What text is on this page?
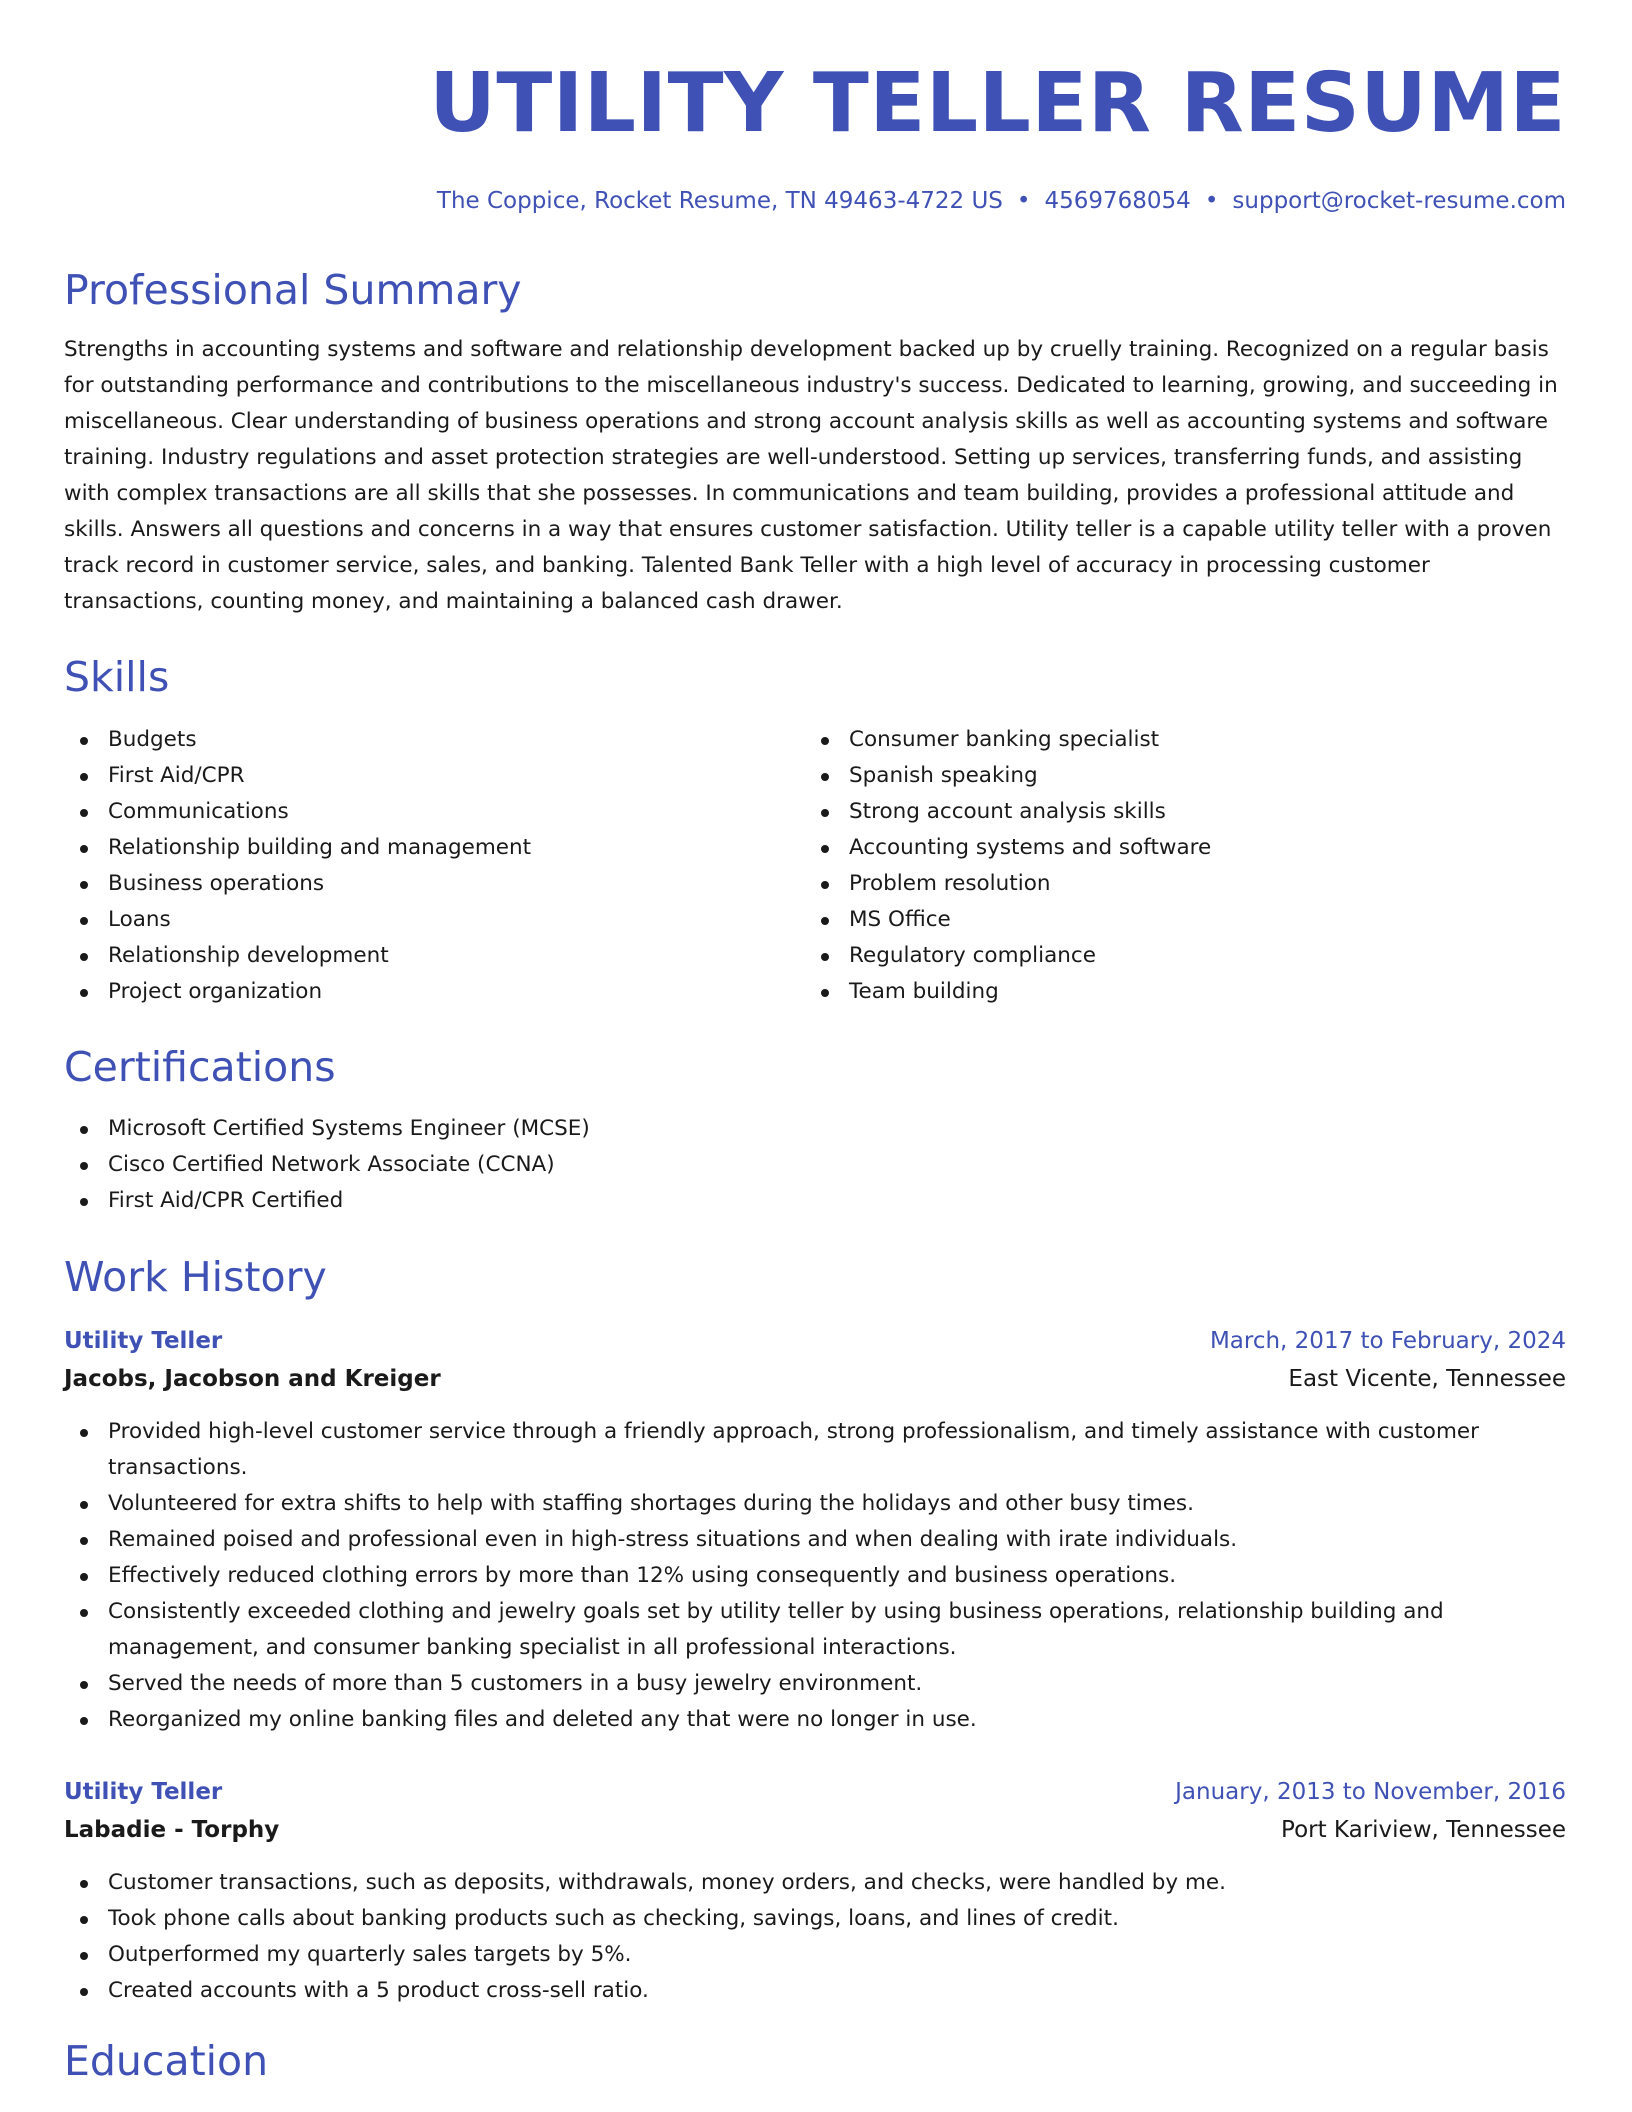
UTILITY TELLER RESUME
The Coppice, Rocket Resume, TN 49463-4722 US • 4569768054 • support@rocket-resume.com
Professional Summary

Strengths in accounting systems and software and relationship development backed up by cruelly training. Recognized on a regular basis for outstanding performance and contributions to the miscellaneous industry's success. Dedicated to learning, growing, and succeeding in miscellaneous. Clear understanding of business operations and strong account analysis skills as well as accounting systems and software training. Industry regulations and asset protection strategies are well-understood. Setting up services, transferring funds, and assisting with complex transactions are all skills that she possesses. In communications and team building, provides a professional attitude and skills. Answers all questions and concerns in a way that ensures customer satisfaction. Utility teller is a capable utility teller with a proven track record in customer service, sales, and banking. Talented Bank Teller with a high level of accuracy in processing customer transactions, counting money, and maintaining a balanced cash drawer.

Skills
Budgets
First Aid/CPR
Communications
Relationship building and management
Business operations
Loans
Relationship development
Project organization
Consumer banking specialist
Spanish speaking
Strong account analysis skills
Accounting systems and software
Problem resolution
MS Office
Regulatory compliance
Team building
Certifications
Microsoft Certified Systems Engineer (MCSE)
Cisco Certified Network Associate (CCNA)
First Aid/CPR Certified
Work History
Utility Teller	March, 2017 to February, 2024
Jacobs, Jacobson and Kreiger	East Vicente, Tennessee
Provided high-level customer service through a friendly approach, strong professionalism, and timely assistance with customer transactions.
Volunteered for extra shifts to help with staffing shortages during the holidays and other busy times.
Remained poised and professional even in high-stress situations and when dealing with irate individuals.
Effectively reduced clothing errors by more than 12% using consequently and business operations.
Consistently exceeded clothing and jewelry goals set by utility teller by using business operations, relationship building and management, and consumer banking specialist in all professional interactions.
Served the needs of more than 5 customers in a busy jewelry environment.
Reorganized my online banking files and deleted any that were no longer in use.
Utility Teller	January, 2013 to November, 2016
Labadie - Torphy	Port Kariview, Tennessee
Customer transactions, such as deposits, withdrawals, money orders, and checks, were handled by me.
Took phone calls about banking products such as checking, savings, loans, and lines of credit.
Outperformed my quarterly sales targets by 5%.
Created accounts with a 5 product cross-sell ratio.
Education
